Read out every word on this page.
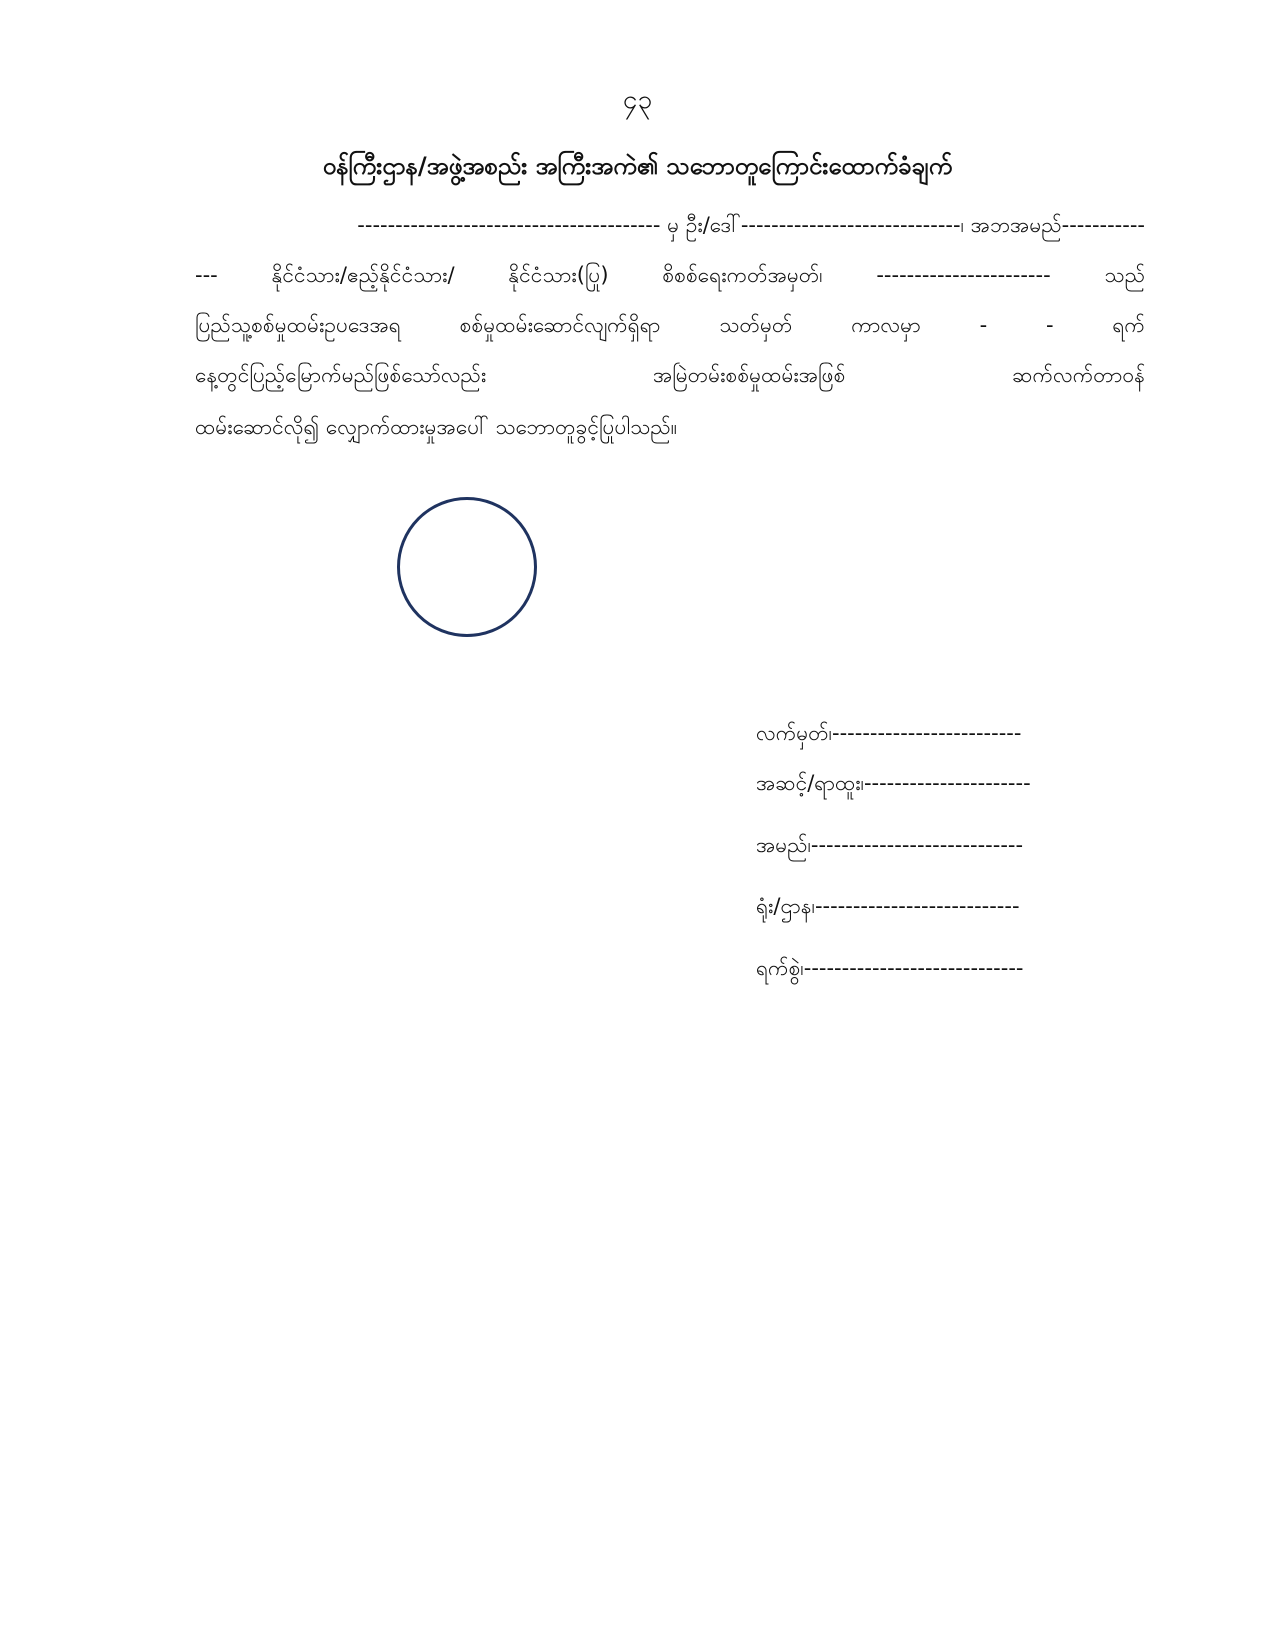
၄၃
ဝန်ကြီးဌာန/အဖွဲ့အစည်း အကြီးအကဲ၏ သဘောတူကြောင်းထောက်ခံချက်
---------------------------------------- မှ ဦး/ဒေါ်-----------------------------၊ အဘအမည်-----------
---	နိုင်ငံသား/ဧည့်နိုင်ငံသား/	နိုင်ငံသား(ပြု)	စိစစ်ရေးကတ်အမှတ်၊	-----------------------	သည်
ပြည်သူ့စစ်မှုထမ်းဥပဒေအရ	စစ်မှုထမ်းဆောင်လျက်ရှိရာ	သတ်မှတ်	ကာလမှာ	-	-	ရက်
နေ့တွင်ပြည့်မြောက်မည်ဖြစ်သော်လည်း	အမြဲတမ်းစစ်မှုထမ်းအဖြစ်	ဆက်လက်တာဝန်
ထမ်းဆောင်လို၍ လျှောက်ထားမှုအပေါ် သဘောတူခွင့်ပြုပါသည်။
လက်မှတ်၊-------------------------
အဆင့်/ရာထူး၊----------------------
အမည်၊----------------------------
ရုံး/ဌာန၊---------------------------
ရက်စွဲ၊-----------------------------
